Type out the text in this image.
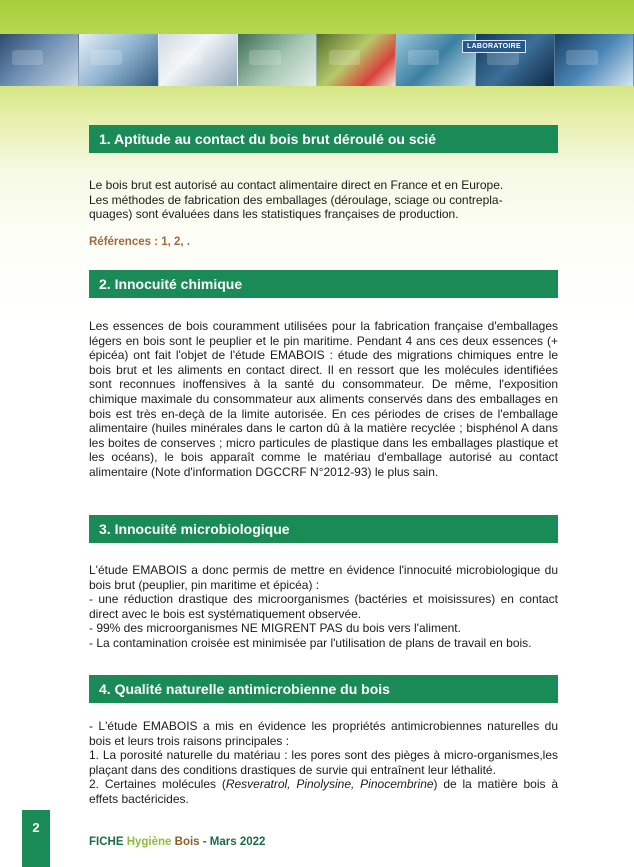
LABORATOIRE
1. Aptitude au contact du bois brut déroulé ou scié

Le bois brut est autorisé au contact alimentaire direct en France et en Europe.

Les méthodes de fabrication des emballages (déroulage, sciage ou contrepla-

quages) sont évaluées dans les statistiques françaises de production.

Références : 1, 2, .
2. Innocuité chimique
Les essences de bois couramment utilisées pour la fabrication française d'emballages légers en bois sont le peuplier et le pin maritime. Pendant 4 ans ces deux essences (+ épicéa) ont fait l'objet de l'étude EMABOIS : étude des migrations chimiques entre le bois brut et les aliments en contact direct. Il en ressort que les molécules identifiées sont reconnues inoffensives à la santé du consommateur. De même, l'exposition chimique maximale du consommateur aux aliments conservés dans des emballages en bois est très en-deçà de la limite autorisée. En ces périodes de crises de l'emballage alimentaire (huiles minérales dans le carton dû à la matière recyclée ; bisphénol A dans les boites de conserves ; micro particules de plastique dans les emballages plastique et les océans), le bois apparaît comme le matériau d'emballage autorisé au contact alimentaire (Note d'information DGCCRF N°2012-93) le plus sain.
3. Innocuité microbiologique

L'étude EMABOIS a donc permis de mettre en évidence l'innocuité microbiologique du bois brut (peuplier, pin maritime et épicéa) :

- une réduction drastique des microorganismes (bactéries et moisissures) en contact direct avec le bois est systématiquement observée.

- 99% des microorganismes NE MIGRENT PAS du bois vers l'aliment.

- La contamination croisée est minimisée par l'utilisation de plans de travail en bois.

4. Qualité naturelle antimicrobienne du bois

- L'étude EMABOIS a mis en évidence les propriétés antimicrobiennes naturelles du bois et leurs trois raisons principales :

1. La porosité naturelle du matériau : les pores sont des pièges à micro-organismes,les plaçant dans des conditions drastiques de survie qui entraînent leur léthalité.

2. Certaines molécules (Resveratrol, Pinolysine, Pinocembrine) de la matière bois à effets bactéricides.

2
FICHE Hygiène Bois - Mars 2022
